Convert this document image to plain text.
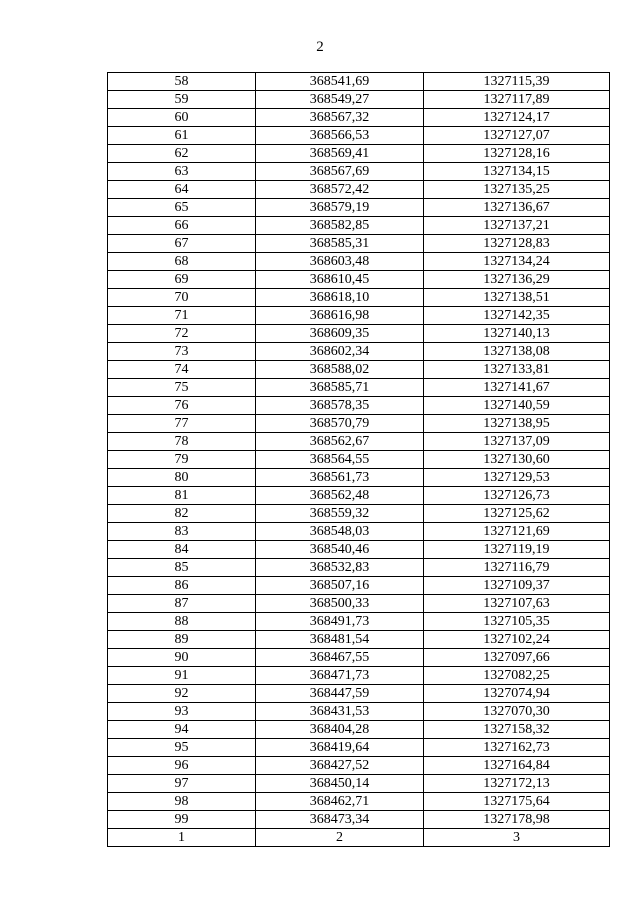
2
58	368541,69	1327115,39
59	368549,27	1327117,89
60	368567,32	1327124,17
61	368566,53	1327127,07
62	368569,41	1327128,16
63	368567,69	1327134,15
64	368572,42	1327135,25
65	368579,19	1327136,67
66	368582,85	1327137,21
67	368585,31	1327128,83
68	368603,48	1327134,24
69	368610,45	1327136,29
70	368618,10	1327138,51
71	368616,98	1327142,35
72	368609,35	1327140,13
73	368602,34	1327138,08
74	368588,02	1327133,81
75	368585,71	1327141,67
76	368578,35	1327140,59
77	368570,79	1327138,95
78	368562,67	1327137,09
79	368564,55	1327130,60
80	368561,73	1327129,53
81	368562,48	1327126,73
82	368559,32	1327125,62
83	368548,03	1327121,69
84	368540,46	1327119,19
85	368532,83	1327116,79
86	368507,16	1327109,37
87	368500,33	1327107,63
88	368491,73	1327105,35
89	368481,54	1327102,24
90	368467,55	1327097,66
91	368471,73	1327082,25
92	368447,59	1327074,94
93	368431,53	1327070,30
94	368404,28	1327158,32
95	368419,64	1327162,73
96	368427,52	1327164,84
97	368450,14	1327172,13
98	368462,71	1327175,64
99	368473,34	1327178,98
1	2	3
